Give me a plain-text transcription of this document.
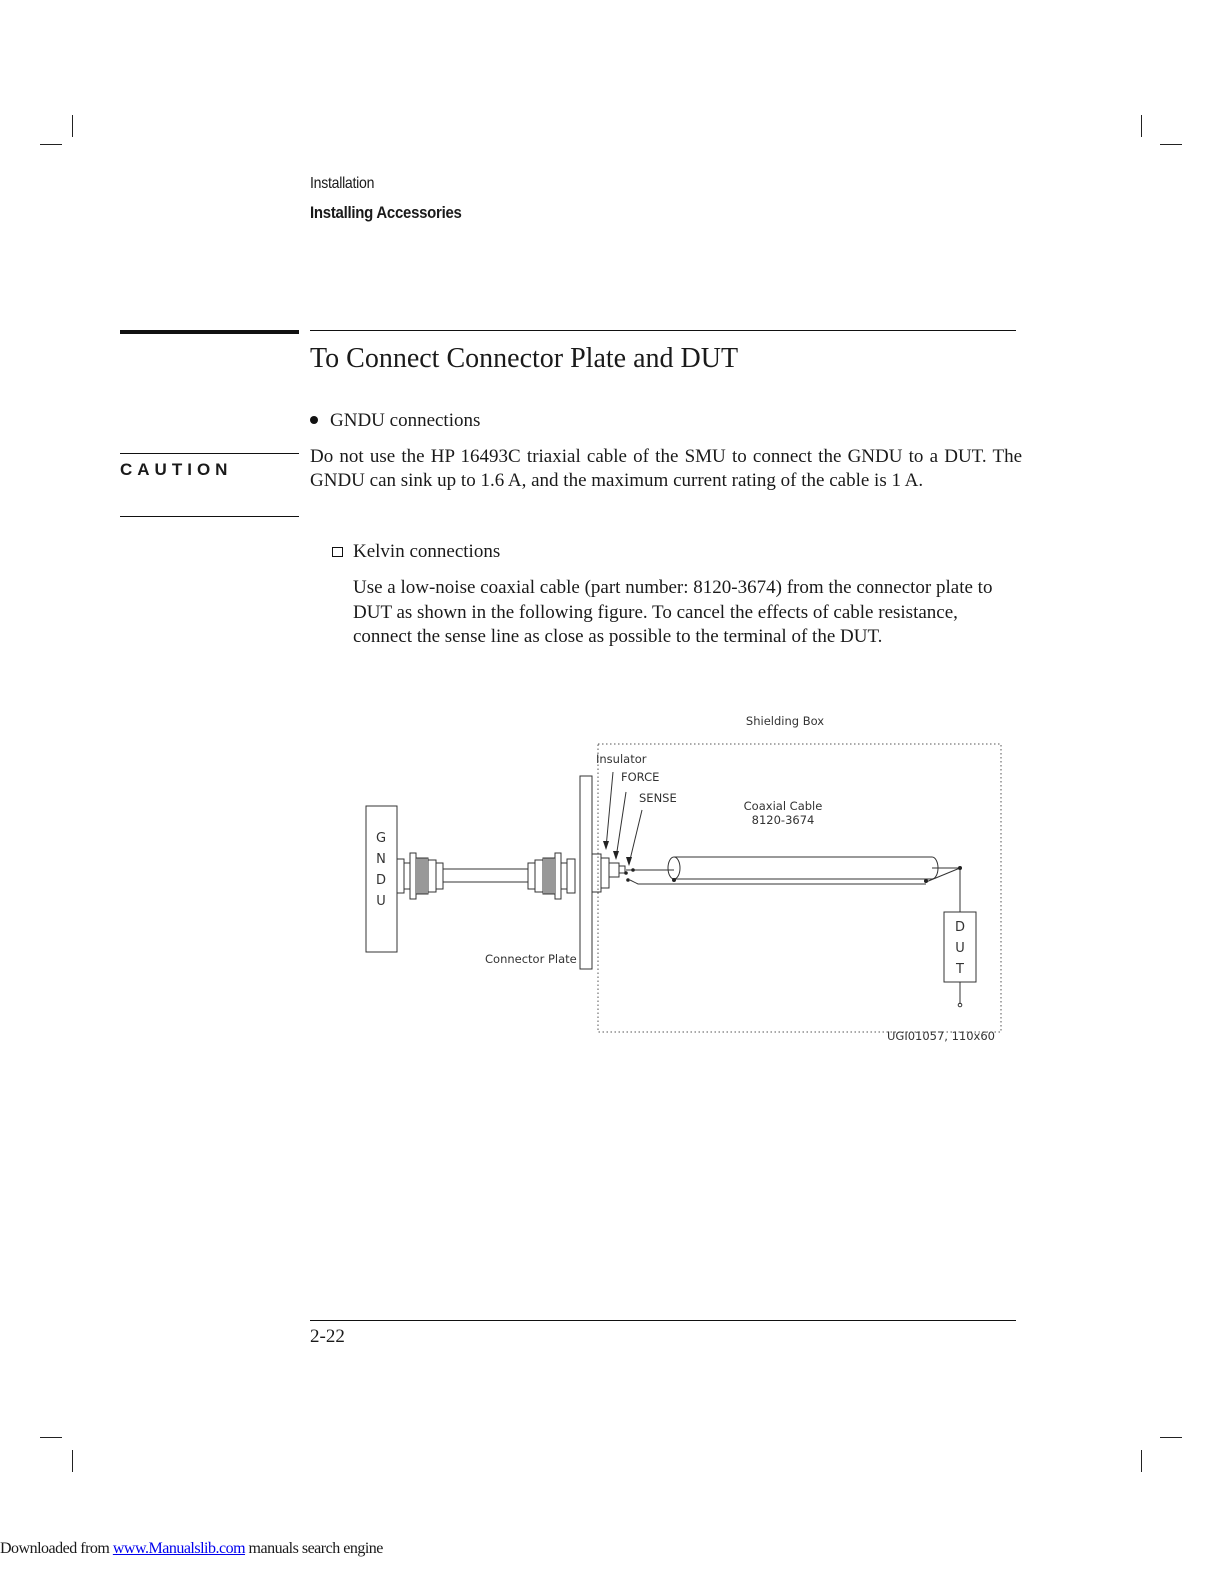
Installation
Installing Accessories
To Connect Connector Plate and DUT
GNDU connections
CAUTION

Do not use the HP 16493C triaxial cable of the SMU to connect the GNDU to a DUT. The GNDU can sink up to 1.6 A, and the maximum current rating of the cable is 1 A.

Kelvin connections

Use a low-noise coaxial cable (part number: 8120-3674) from the connector plate to DUT as shown in the following figure. To cancel the effects of cable resistance, connect the sense line as close as possible to the terminal of the DUT.

Shielding Box
Insulator
FORCE
SENSE
Coaxial Cable
8120-3674
Connector Plate
G
N
D
U
D
U
T
UGI01057, 110x60
2-22
Downloaded from www.Manualslib.com manuals search engine
